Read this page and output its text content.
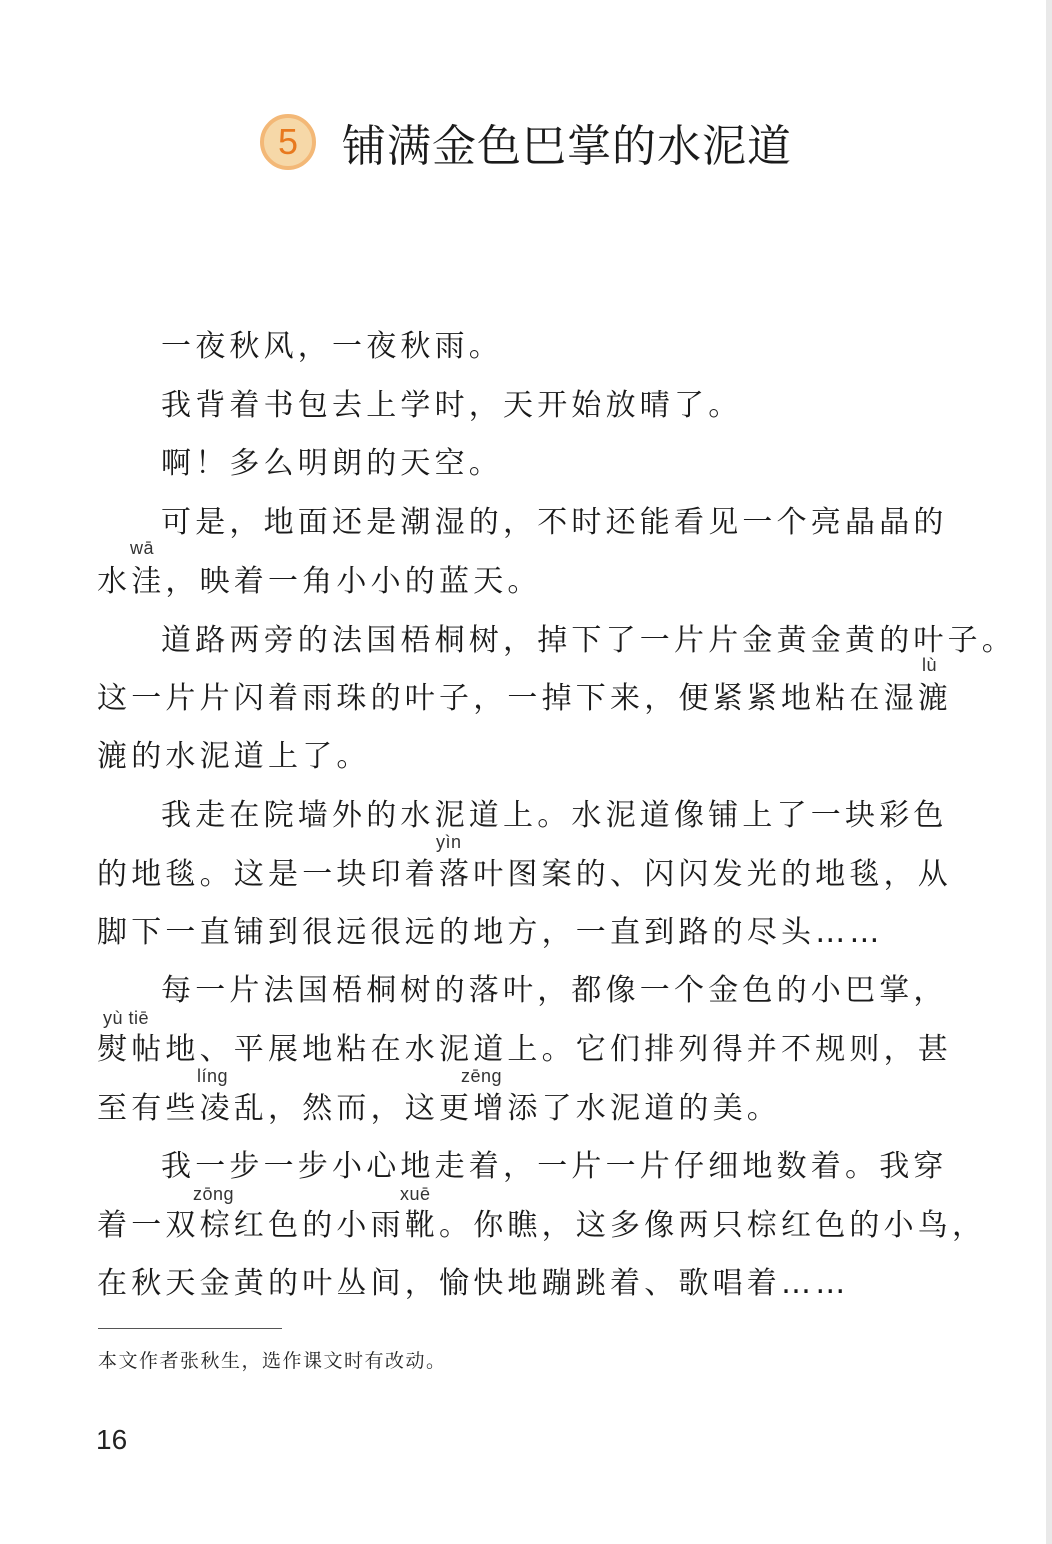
5 铺满金色巴掌的水泥道
一夜秋风，一夜秋雨。
我背着书包去上学时，天开始放晴了。
啊！多么明朗的天空。
可是，地面还是潮湿的，不时还能看见一个亮晶晶的
wā
水洼，映着一角小小的蓝天。
道路两旁的法国梧桐树，掉下了一片片金黄金黄的叶子。
lù
这一片片闪着雨珠的叶子，一掉下来，便紧紧地粘在湿漉
漉的水泥道上了。
我走在院墙外的水泥道上。水泥道像铺上了一块彩色
yìn
的地毯。这是一块印着落叶图案的、闪闪发光的地毯，从
脚下一直铺到很远很远的地方，一直到路的尽头……
每一片法国梧桐树的落叶，都像一个金色的小巴掌，
yù tiē
熨帖地、平展地粘在水泥道上。它们排列得并不规则，甚
líng	zēng
至有些凌乱，然而，这更增添了水泥道的美。
我一步一步小心地走着，一片一片仔细地数着。我穿
zōng	xuē
着一双棕红色的小雨靴。你瞧，这多像两只棕红色的小鸟，
在秋天金黄的叶丛间，愉快地蹦跳着、歌唱着……
本文作者张秋生，选作课文时有改动。
16
